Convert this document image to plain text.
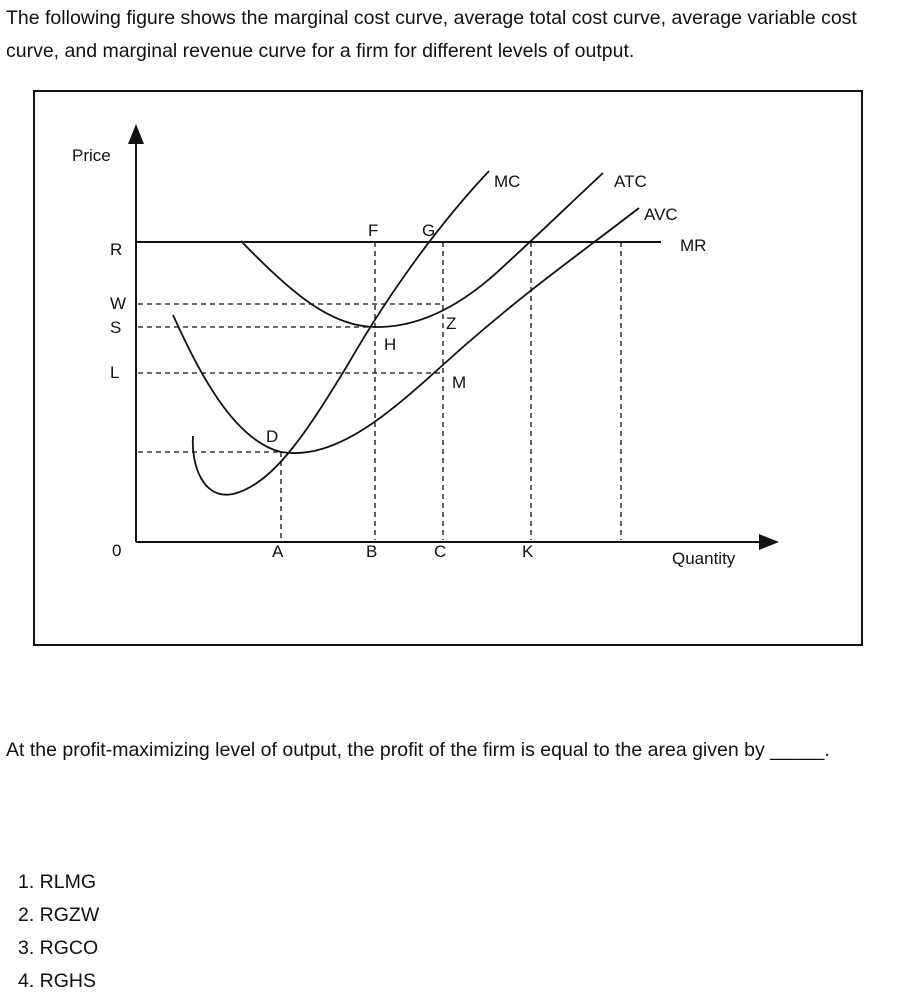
The following figure shows the marginal cost curve, average total cost curve, average variable cost curve, and marginal revenue curve for a firm for different levels of output.

Price
Quantity
0
R
W
S
L
A	B	C	K
MC	ATC
AVC
MR
D
F	G
H
Z
M

At the profit-maximizing level of output, the profit of the firm is equal to the area given by _____.

1. RLMG
2. RGZW
3. RGCO
4. RGHS
